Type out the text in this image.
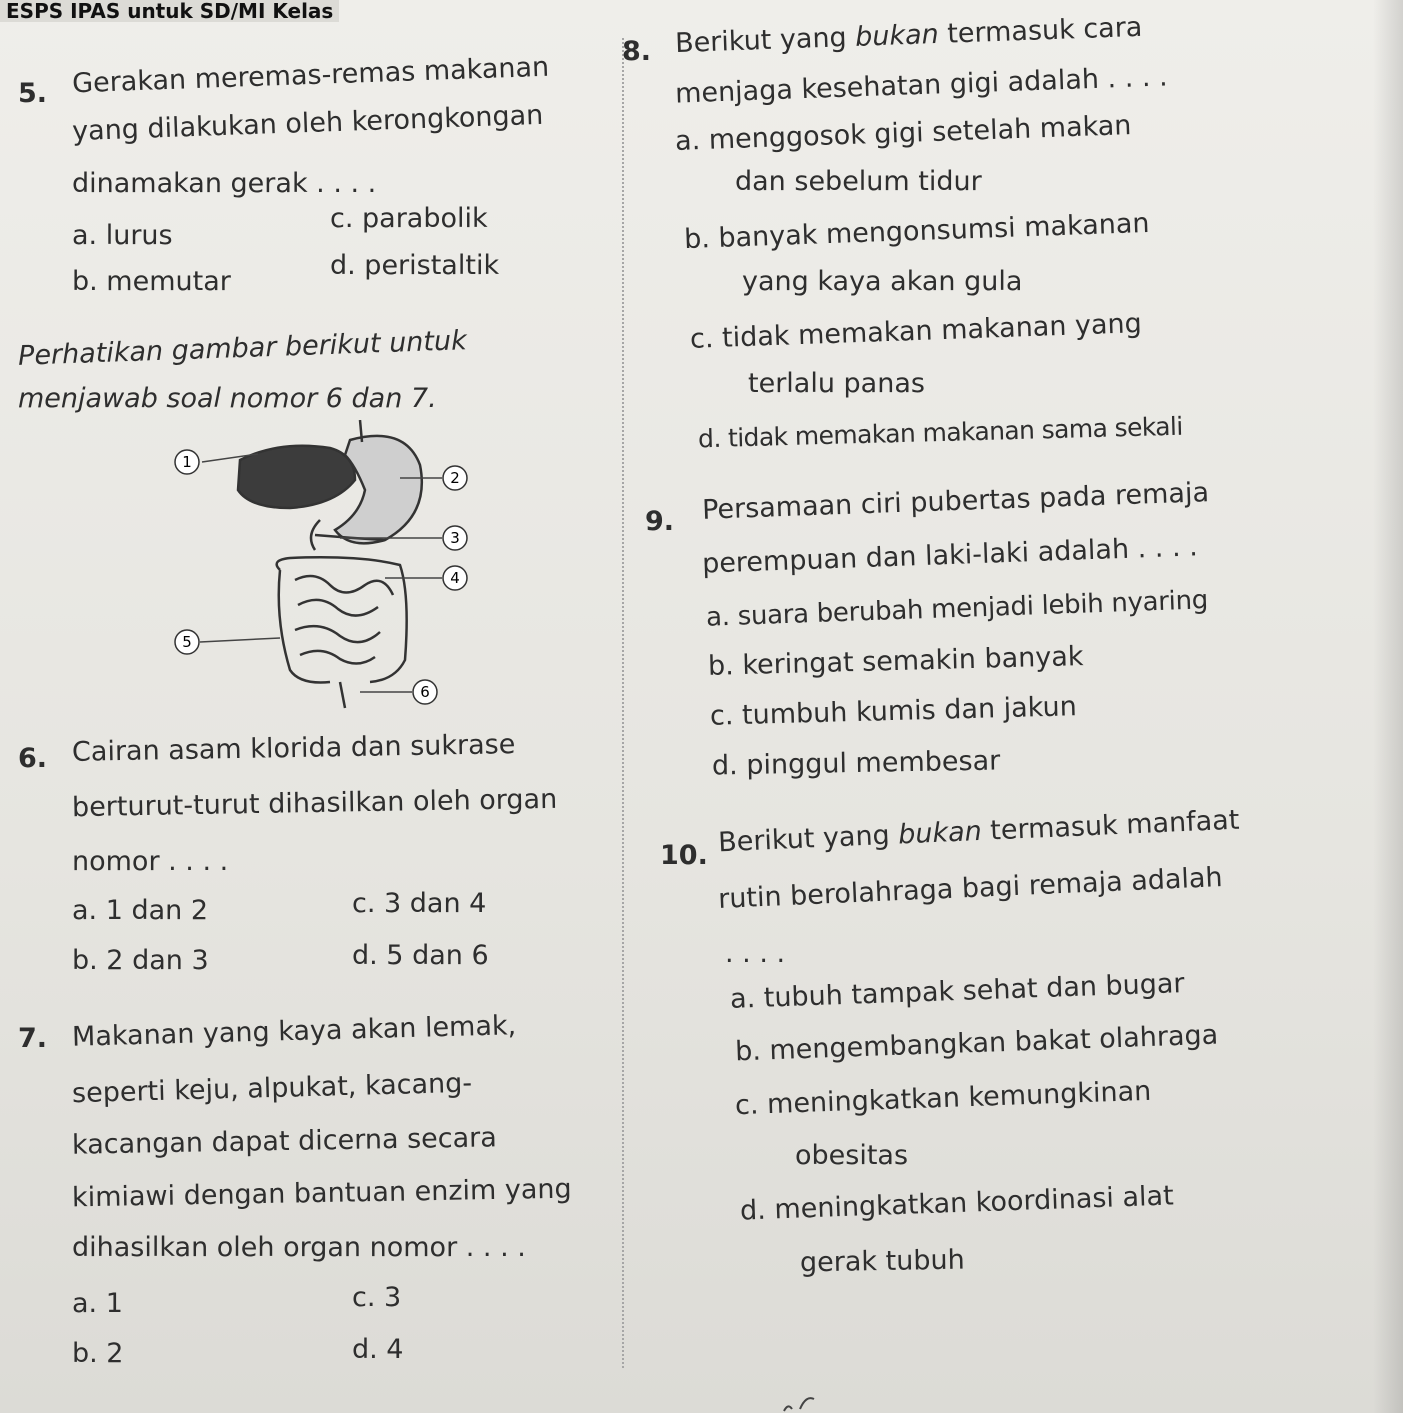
ESPS IPAS untuk SD/MI Kelas
5. Gerakan meremas-remas makanan
yang dilakukan oleh kerongkongan
dinamakan gerak . . . .
a. lurus
c. parabolik
b. memutar
d. peristaltik
Perhatikan gambar berikut untuk
menjawab soal nomor 6 dan 7.
1
2
3
4
5
6
6. Cairan asam klorida dan sukrase
berturut-turut dihasilkan oleh organ
nomor . . . .
a. 1 dan 2	c. 3 dan 4
b. 2 dan 3	d. 5 dan 6
7. Makanan yang kaya akan lemak,
seperti keju, alpukat, kacang-
kacangan dapat dicerna secara
kimiawi dengan bantuan enzim yang
dihasilkan oleh organ nomor . . . .
a. 1	c. 3
b. 2	d. 4
8. Berikut yang bukan termasuk cara
menjaga kesehatan gigi adalah . . . .
a. menggosok gigi setelah makan
dan sebelum tidur
b. banyak mengonsumsi makanan
yang kaya akan gula
c. tidak memakan makanan yang
terlalu panas
d. tidak memakan makanan sama sekali
9. Persamaan ciri pubertas pada remaja
perempuan dan laki-laki adalah . . . .
a. suara berubah menjadi lebih nyaring
b. keringat semakin banyak
c. tumbuh kumis dan jakun
d. pinggul membesar
10. Berikut yang bukan termasuk manfaat
rutin berolahraga bagi remaja adalah
. . . .
a. tubuh tampak sehat dan bugar
b. mengembangkan bakat olahraga
c. meningkatkan kemungkinan
obesitas
d. meningkatkan koordinasi alat
gerak tubuh
